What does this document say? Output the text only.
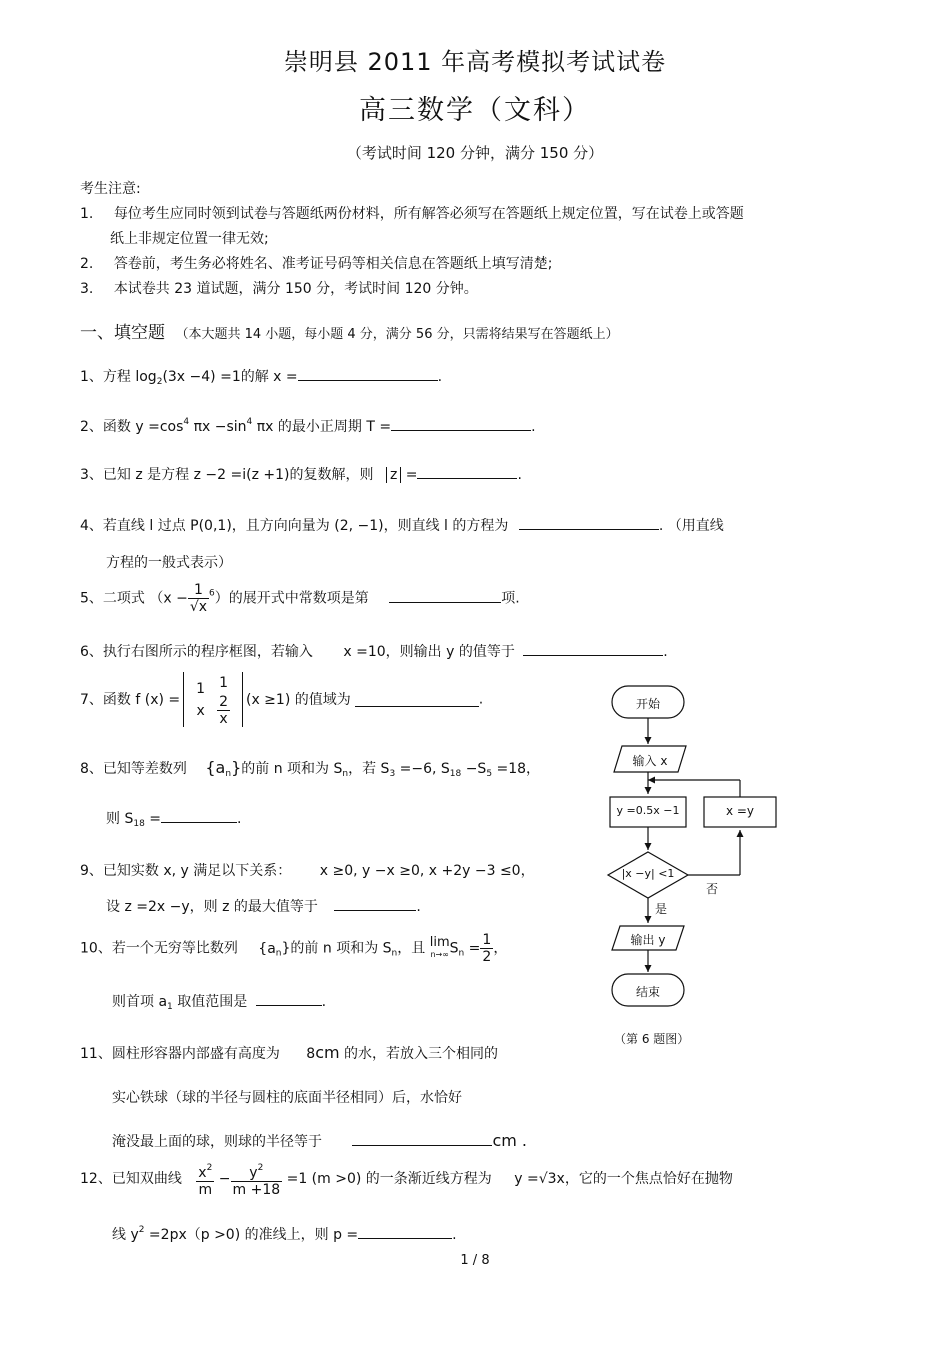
崇明县 2011 年高考模拟考试试卷
高三数学（文科）
（考试时间 120 分钟，满分 150 分）
考生注意:
1. 每位考生应同时领到试卷与答题纸两份材料，所有解答必须写在答题纸上规定位置，写在试卷上或答题
纸上非规定位置一律无效;
2. 答卷前，考生务必将姓名、准考证号码等相关信息在答题纸上填写清楚;
3. 本试卷共 23 道试题，满分 150 分，考试时间 120 分钟。
一、填空题 （本大题共 14 小题，每小题 4 分，满分 56 分，只需将结果写在答题纸上）
1、方程 $\log_2(3x -4) =1$的解 x =	.
2、函数 $y =\cos^4$ $\pi x -\sin^4$ πx 的最小正周期 T =	.
3、已知 z 是方程 z −2 =i(z +1)的复数解，则 z =	.
4、若直线 l 过点 P(0,1)，且方向向量为 (2, −1)，则直线 l 的方程为	. （用直线
方程的一般式表示）
5、二项式 $(x - \frac{1}{√x} ^6)$的展开式中常数项是第	项.
6、执行右图所示的程序框图，若输入 x =10，则输出 y 的值等于	.
7、函数 f (x) =
1
x
1
2
x
(x ≥1) 的值域为	.
8、已知等差数列 $\{a_n\}$的前 n 项和为 $S_n$，若 $S_3 =-6$, $S_{18} -S_5 =18$，
则 $S_{18}$ =	.
9、已知实数 x, y 满足以下关系： x ≥0, y −x ≥0, x +2y −3 ≤0，
设 z =2x −y，则 z 的最大值等于	.
10、若一个无穷等比数列 $\{a_n\}$的前 n 项和为 $S_n$，且 lim
n→∞ $S_n = \frac{1}{2}$ ，
则首项 $a_1$ 取值范围是	.
11、圆柱形容器内部盛有高度为 8cm 的水，若放入三个相同的
实心铁球（球的半径与圆柱的底面半径相同）后，水恰好
淹没最上面的球，则球的半径等于	cm .
12、已知双曲线 $\frac{x^2}{m} - \frac{y^2}{m +18} =1$ (m >0) 的一条渐近线方程为 y =√3x，它的一个焦点恰好在抛物
线 $y^2 =2px(p >0)$ 的准线上，则 p =	.
开始
输入 x
y =0.5x −1	x =y
|x −y| <1
否
是
输出 y
结束
（第 6 题图）
1 / 8
